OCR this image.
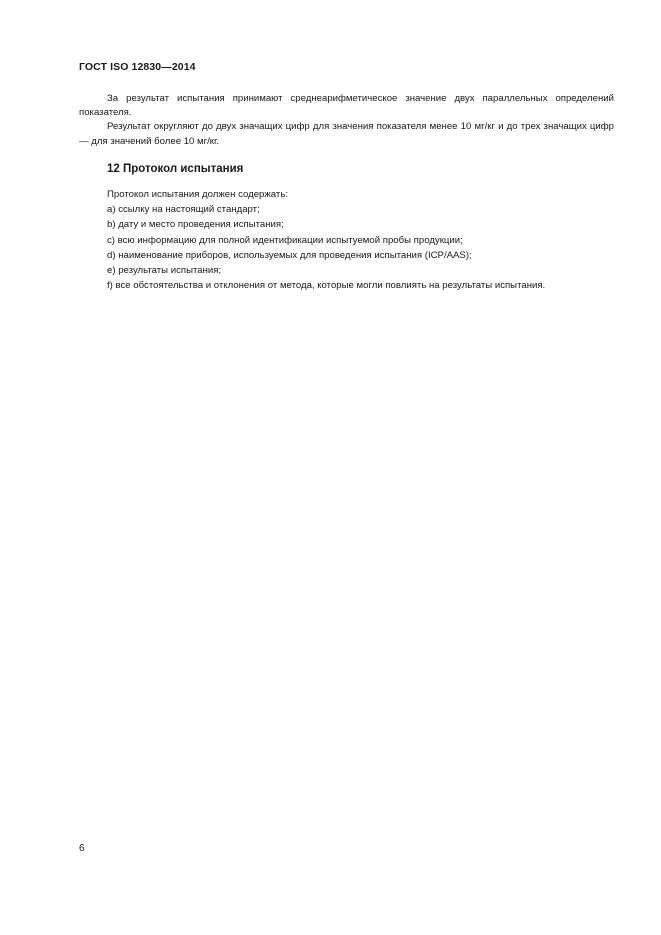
ГОСТ ISO 12830—2014

За результат испытания принимают среднеарифметическое значение двух параллельных определений показателя.

Результат округляют до двух значащих цифр для значения показателя менее 10 мг/кг и до трех значащих цифр — для значений более 10 мг/кг.

12 Протокол испытания

Протокол испытания должен содержать:

a) ссылку на настоящий стандарт;

b) дату и место проведения испытания;

c) всю информацию для полной идентификации испытуемой пробы продукции;

d) наименование приборов, используемых для проведения испытания (ICP/AAS);

e) результаты испытания;

f) все обстоятельства и отклонения от метода, которые могли повлиять на результаты испытания.

6
